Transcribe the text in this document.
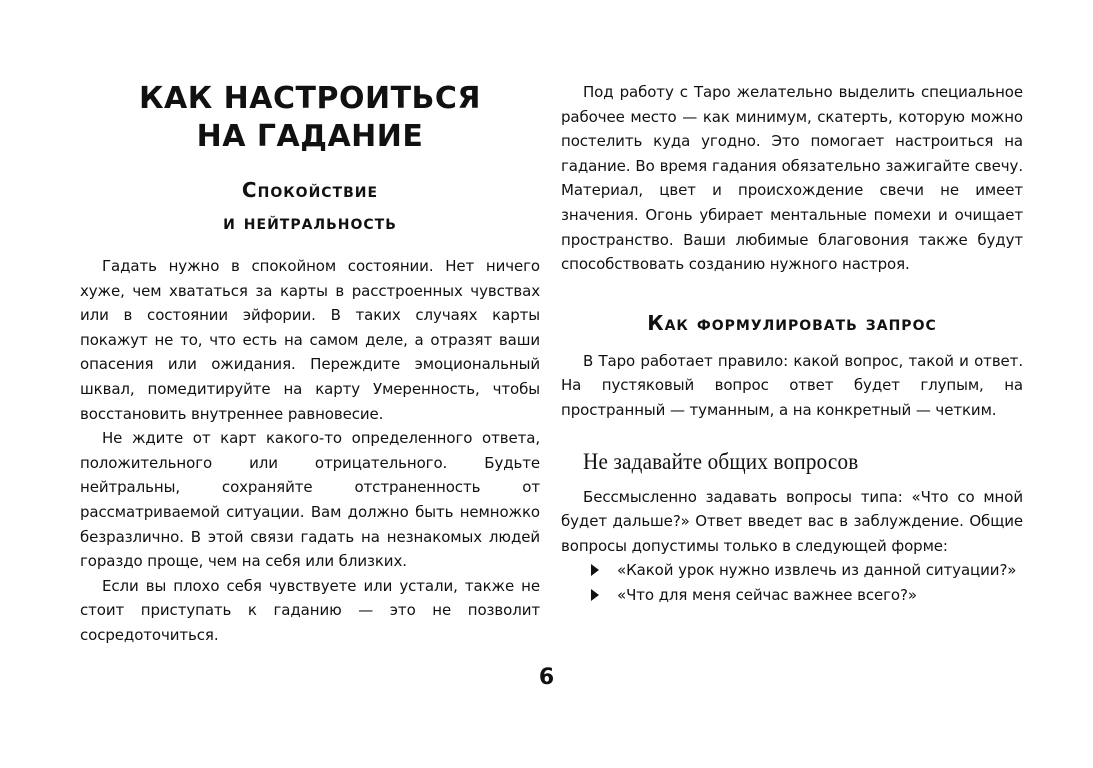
КАК НАСТРОИТЬСЯ
НА ГАДАНИЕ
Спокойствие
и нейтральность

Гадать нужно в спокойном состоянии. Нет ничего хуже, чем хвататься за карты в расстроенных чувствах или в состоянии эйфории. В таких случаях карты покажут не то, что есть на самом деле, а отразят ваши опасения или ожидания. Переждите эмоциональный шквал, помедитируйте на карту Умеренность, чтобы восстановить внутреннее равновесие.

Не ждите от карт какого-то определенного ответа, положительного или отрицательного. Будьте нейтральны, сохраняйте отстраненность от рассматриваемой ситуации. Вам должно быть немножко безразлично. В этой связи гадать на незнакомых людей гораздо проще, чем на себя или близких.

Если вы плохо себя чувствуете или устали, также не стоит приступать к гаданию — это не позволит сосредоточиться.

Под работу с Таро желательно выделить специальное рабочее место — как минимум, скатерть, которую можно постелить куда угодно. Это помогает настроиться на гадание. Во время гадания обязательно зажигайте свечу. Материал, цвет и происхождение свечи не имеет значения. Огонь убирает ментальные помехи и очищает пространство. Ваши любимые благовония также будут способствовать созданию нужного настроя.

Как формулировать запрос

В Таро работает правило: какой вопрос, такой и ответ. На пустяковый вопрос ответ будет глупым, на пространный — туманным, а на конкретный — четким.

Не задавайте общих вопросов

Бессмысленно задавать вопросы типа: «Что со мной будет дальше?» Ответ введет вас в заблуждение. Общие вопросы допустимы только в следующей форме:

«Какой урок нужно извлечь из данной ситуации?»
«Что для меня сейчас важнее всего?»
6
